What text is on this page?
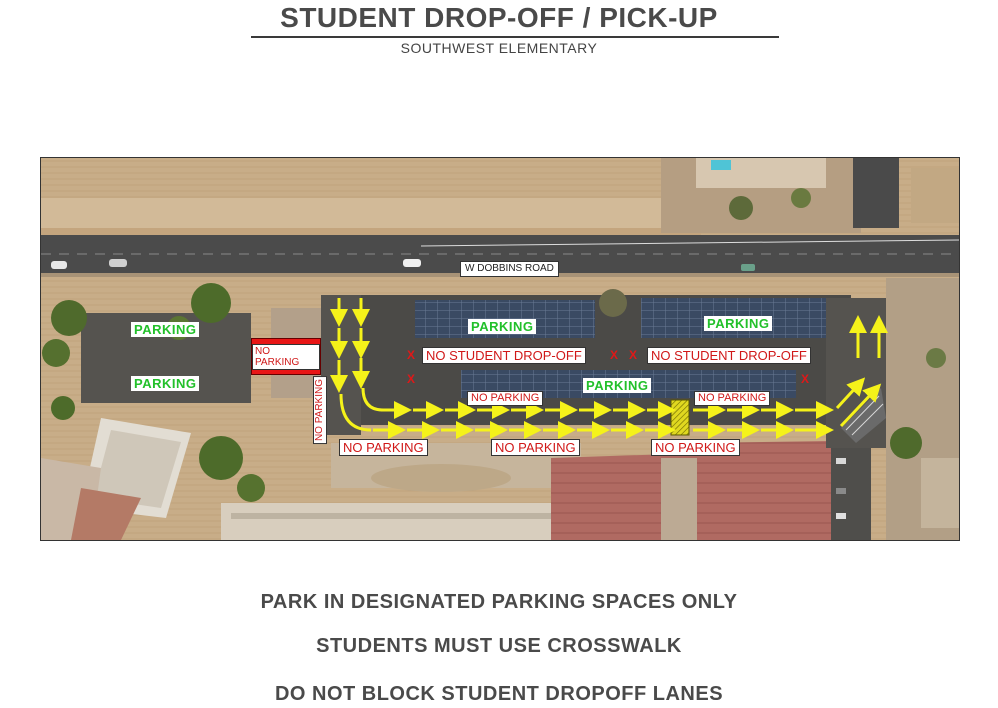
STUDENT DROP-OFF / PICK-UP
SOUTHWEST ELEMENTARY
W DOBBINS ROAD
PARKING
PARKING
PARKING	PARKING
PARKING
NO PARKING
NO PARKING
NO STUDENT DROP-OFF	NO STUDENT DROP-OFF
X
X
X X
X
NO PARKING	NO PARKING
NO PARKING	NO PARKING	NO PARKING
PARK IN DESIGNATED PARKING SPACES ONLY
STUDENTS MUST USE CROSSWALK
DO NOT BLOCK STUDENT DROPOFF LANES
